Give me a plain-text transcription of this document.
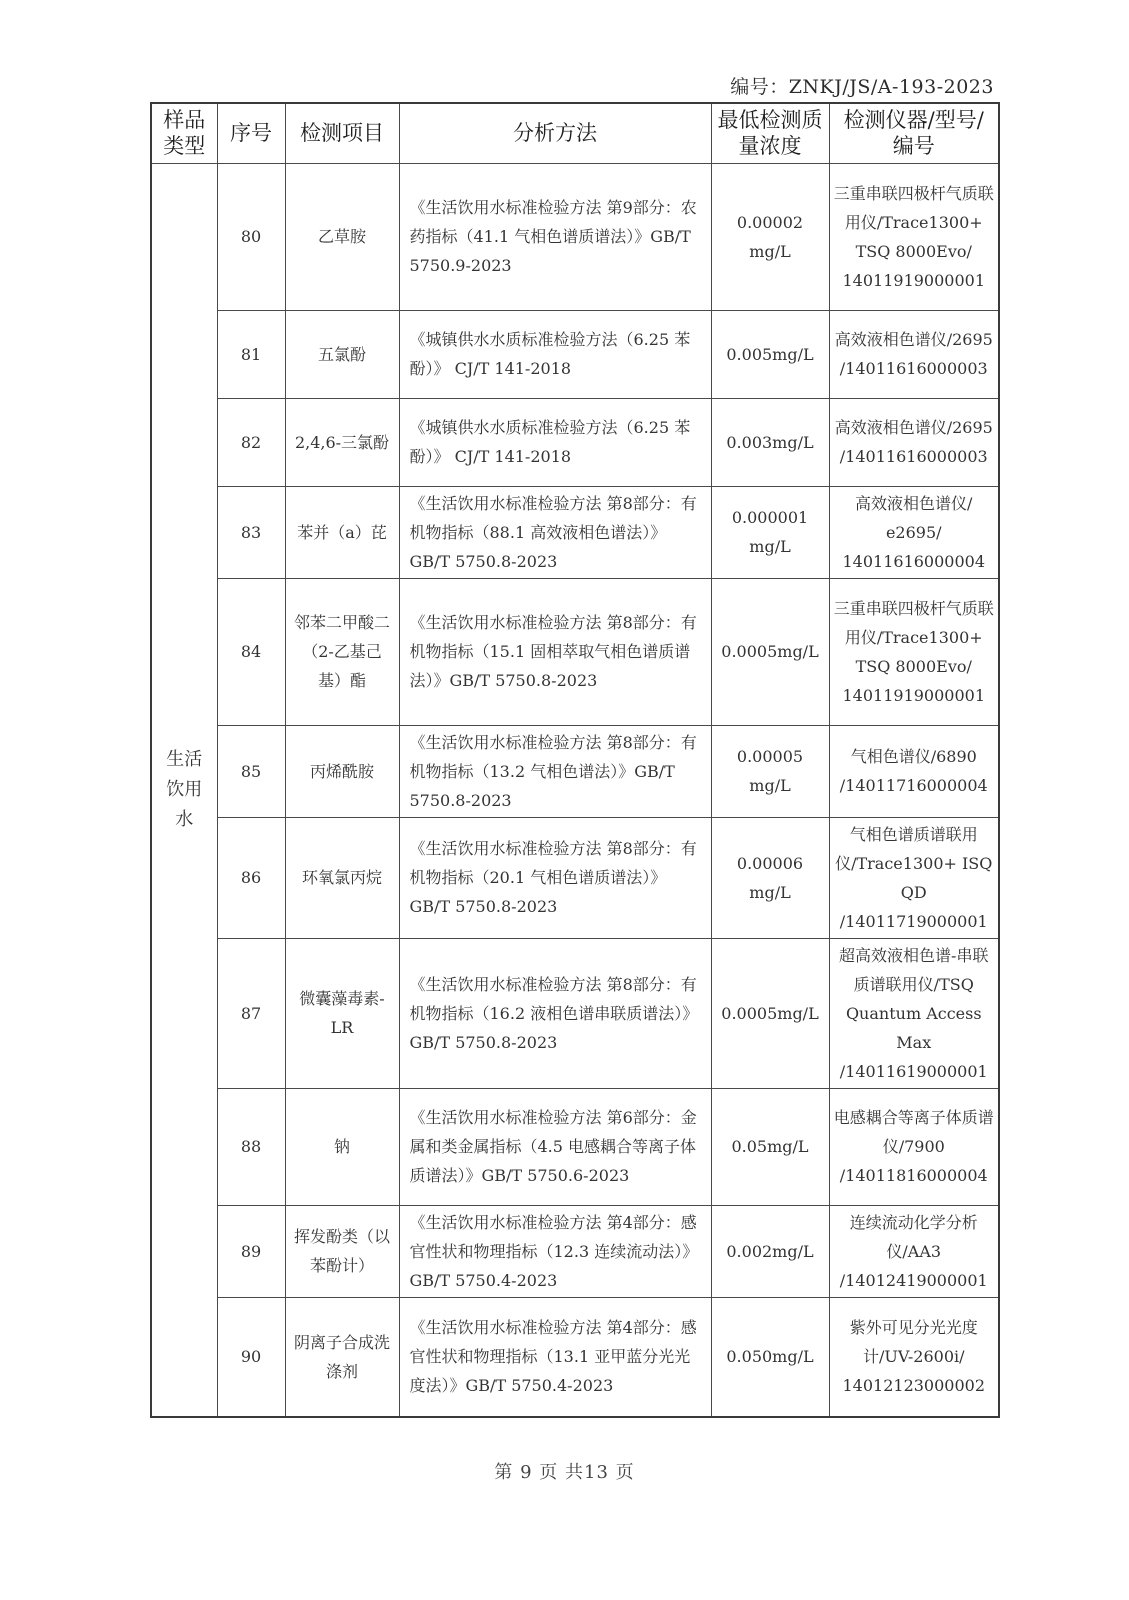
编号：ZNKJ/JS/A-193-2023
样品类型	序号	检测项目	分析方法	最低检测质量浓度	检测仪器/型号/编号
生活饮用水	80	乙草胺	《生活饮用水标准检验方法 第9部分：农药指标（41.1 气相色谱质谱法）》GB/T 5750.9-2023	0.00002 mg/L	三重串联四极杆气质联用仪/Trace1300+ TSQ 8000Evo/ 14011919000001
	81	五氯酚	《城镇供水水质标准检验方法（6.25 苯酚）》 CJ/T 141-2018	0.005mg/L	高效液相色谱仪/2695 /14011616000003
	82	2,4,6-三氯酚	《城镇供水水质标准检验方法（6.25 苯酚）》 CJ/T 141-2018	0.003mg/L	高效液相色谱仪/2695 /14011616000003
	83	苯并（a）芘	《生活饮用水标准检验方法 第8部分：有机物指标（88.1 高效液相色谱法）》GB/T 5750.8-2023	0.000001 mg/L	高效液相色谱仪/ e2695/ 14011616000004
	84	邻苯二甲酸二（2-乙基己基）酯	《生活饮用水标准检验方法 第8部分：有机物指标（15.1 固相萃取气相色谱质谱法）》GB/T 5750.8-2023	0.0005mg/L	三重串联四极杆气质联用仪/Trace1300+ TSQ 8000Evo/ 14011919000001
	85	丙烯酰胺	《生活饮用水标准检验方法 第8部分：有机物指标（13.2 气相色谱法）》GB/T 5750.8-2023	0.00005 mg/L	气相色谱仪/6890 /14011716000004
	86	环氧氯丙烷	《生活饮用水标准检验方法 第8部分：有机物指标（20.1 气相色谱质谱法）》GB/T 5750.8-2023	0.00006 mg/L	气相色谱质谱联用仪/Trace1300+ ISQ QD /14011719000001
	87	微囊藻毒素-LR	《生活饮用水标准检验方法 第8部分：有机物指标（16.2 液相色谱串联质谱法）》GB/T 5750.8-2023	0.0005mg/L	超高效液相色谱-串联质谱联用仪/TSQ Quantum Access Max /14011619000001
	88	钠	《生活饮用水标准检验方法 第6部分：金属和类金属指标（4.5 电感耦合等离子体质谱法）》GB/T 5750.6-2023	0.05mg/L	电感耦合等离子体质谱仪/7900 /14011816000004
	89	挥发酚类（以苯酚计）	《生活饮用水标准检验方法 第4部分：感官性状和物理指标（12.3 连续流动法）》GB/T 5750.4-2023	0.002mg/L	连续流动化学分析仪/AA3 /14012419000001
	90	阴离子合成洗涤剂	《生活饮用水标准检验方法 第4部分：感官性状和物理指标（13.1 亚甲蓝分光光度法）》GB/T 5750.4-2023	0.050mg/L	紫外可见分光光度计/UV-2600i/ 14012123000002
第 9 页 共13 页
